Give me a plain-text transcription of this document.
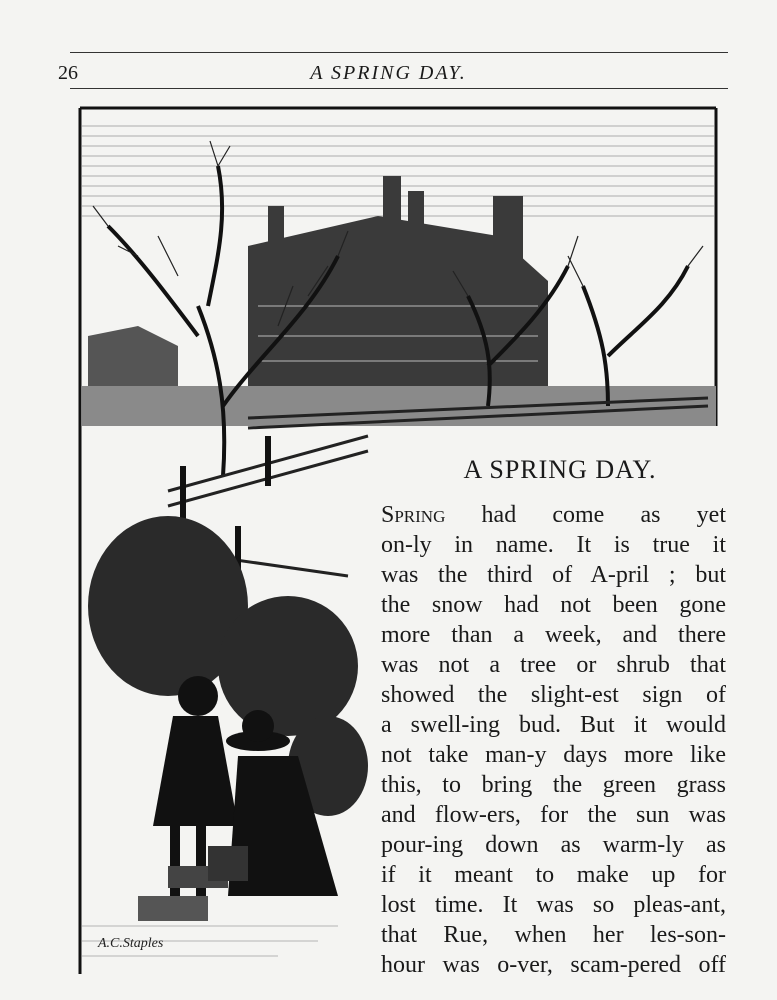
26	A SPRING DAY.
A.C.Staples
A SPRING DAY.
Spring had come as yet
on-ly in name. It is true it
was the third of A-pril ; but
the snow had not been gone
more than a week, and there
was not a tree or shrub that
showed the slight-est sign of
a swell-ing bud. But it would
not take man-y days more like
this, to bring the green grass
and flow-ers, for the sun was
pour-ing down as warm-ly as
if it meant to make up for
lost time. It was so pleas-ant,
that Rue, when her les-son-
hour was o-ver, scam-pered off
